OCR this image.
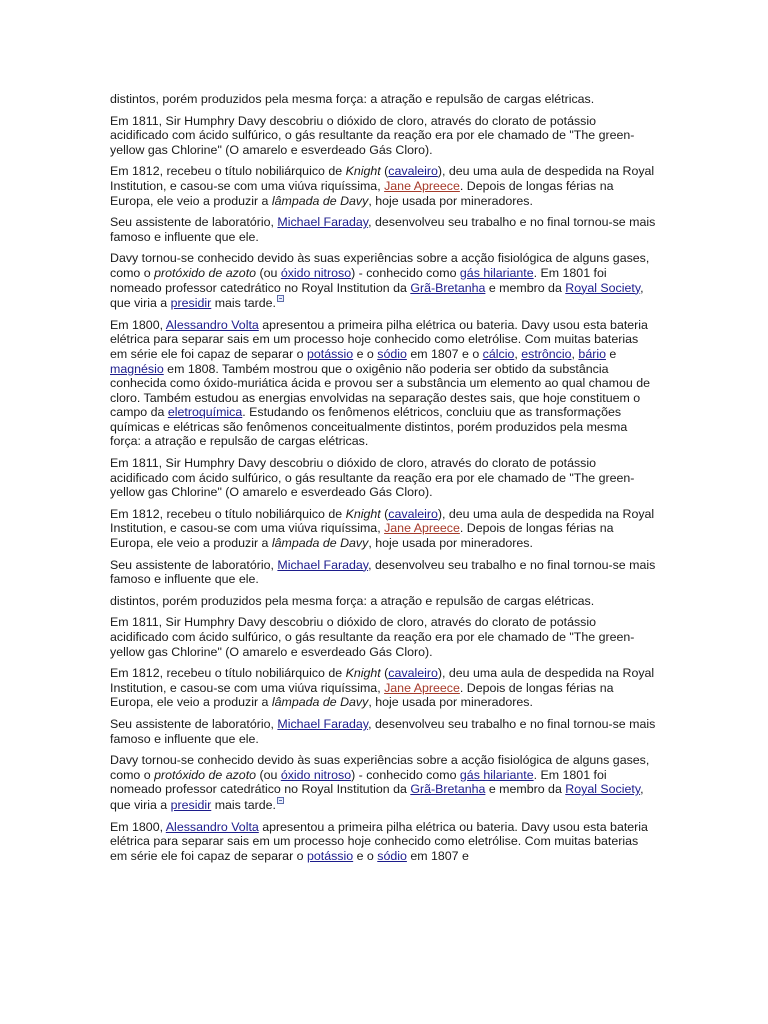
distintos, porém produzidos pela mesma força: a atração e repulsão de cargas elétricas.

Em 1811, Sir Humphry Davy descobriu o dióxido de cloro, através do clorato de potássio acidificado com ácido sulfúrico, o gás resultante da reação era por ele chamado de "The green-yellow gas Chlorine" (O amarelo e esverdeado Gás Cloro).

Em 1812, recebeu o título nobiliárquico de Knight (cavaleiro), deu uma aula de despedida na Royal Institution, e casou-se com uma viúva riquíssima, Jane Apreece. Depois de longas férias na Europa, ele veio a produzir a lâmpada de Davy, hoje usada por mineradores.

Seu assistente de laboratório, Michael Faraday, desenvolveu seu trabalho e no final tornou-se mais famoso e influente que ele.

Davy tornou-se conhecido devido às suas experiências sobre a acção fisiológica de alguns gases, como o protóxido de azoto (ou óxido nitroso) - conhecido como gás hilariante. Em 1801 foi nomeado professor catedrático no Royal Institution da Grã-Bretanha e membro da Royal Society, que viria a presidir mais tarde.

Em 1800, Alessandro Volta apresentou a primeira pilha elétrica ou bateria. Davy usou esta bateria elétrica para separar sais em um processo hoje conhecido como eletrólise. Com muitas baterias em série ele foi capaz de separar o potássio e o sódio em 1807 e o cálcio, estrôncio, bário e magnésio em 1808. Também mostrou que o oxigênio não poderia ser obtido da substância conhecida como óxido-muriática ácida e provou ser a substância um elemento ao qual chamou de cloro. Também estudou as energias envolvidas na separação destes sais, que hoje constituem o campo da eletroquímica. Estudando os fenômenos elétricos, concluiu que as transformações químicas e elétricas são fenômenos conceitualmente distintos, porém produzidos pela mesma força: a atração e repulsão de cargas elétricas.

Em 1811, Sir Humphry Davy descobriu o dióxido de cloro, através do clorato de potássio acidificado com ácido sulfúrico, o gás resultante da reação era por ele chamado de "The green-yellow gas Chlorine" (O amarelo e esverdeado Gás Cloro).

Em 1812, recebeu o título nobiliárquico de Knight (cavaleiro), deu uma aula de despedida na Royal Institution, e casou-se com uma viúva riquíssima, Jane Apreece. Depois de longas férias na Europa, ele veio a produzir a lâmpada de Davy, hoje usada por mineradores.

Seu assistente de laboratório, Michael Faraday, desenvolveu seu trabalho e no final tornou-se mais famoso e influente que ele.

distintos, porém produzidos pela mesma força: a atração e repulsão de cargas elétricas.

Em 1811, Sir Humphry Davy descobriu o dióxido de cloro, através do clorato de potássio acidificado com ácido sulfúrico, o gás resultante da reação era por ele chamado de "The green-yellow gas Chlorine" (O amarelo e esverdeado Gás Cloro).

Em 1812, recebeu o título nobiliárquico de Knight (cavaleiro), deu uma aula de despedida na Royal Institution, e casou-se com uma viúva riquíssima, Jane Apreece. Depois de longas férias na Europa, ele veio a produzir a lâmpada de Davy, hoje usada por mineradores.

Seu assistente de laboratório, Michael Faraday, desenvolveu seu trabalho e no final tornou-se mais famoso e influente que ele.

Davy tornou-se conhecido devido às suas experiências sobre a acção fisiológica de alguns gases, como o protóxido de azoto (ou óxido nitroso) - conhecido como gás hilariante. Em 1801 foi nomeado professor catedrático no Royal Institution da Grã-Bretanha e membro da Royal Society, que viria a presidir mais tarde.

Em 1800, Alessandro Volta apresentou a primeira pilha elétrica ou bateria. Davy usou esta bateria elétrica para separar sais em um processo hoje conhecido como eletrólise. Com muitas baterias em série ele foi capaz de separar o potássio e o sódio em 1807 e
